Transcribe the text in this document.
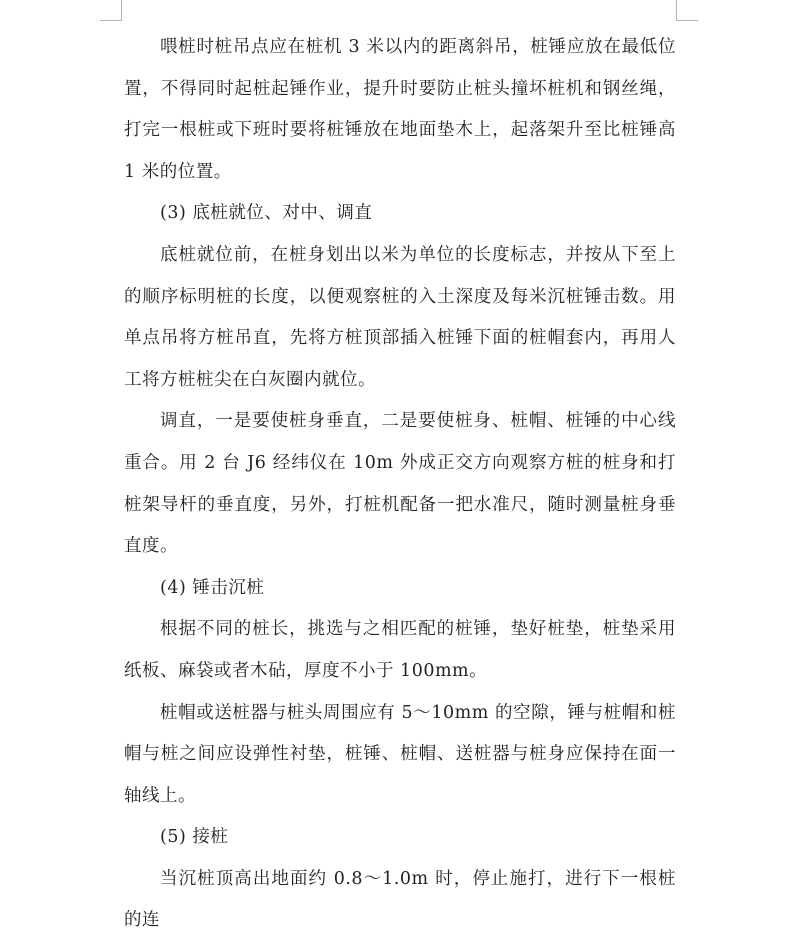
喂桩时桩吊点应在桩机 3 米以内的距离斜吊，桩锤应放在最低位置，不得同时起桩起锤作业，提升时要防止桩头撞坏桩机和钢丝绳，打完一根桩或下班时要将桩锤放在地面垫木上，起落架升至比桩锤高 1 米的位置。

(3) 底桩就位、对中、调直

底桩就位前，在桩身划出以米为单位的长度标志，并按从下至上的顺序标明桩的长度，以便观察桩的入土深度及每米沉桩锤击数。用单点吊将方桩吊直，先将方桩顶部插入桩锤下面的桩帽套内，再用人工将方桩桩尖在白灰圈内就位。

调直，一是要使桩身垂直，二是要使桩身、桩帽、桩锤的中心线重合。用 2 台 J6 经纬仪在 10m 外成正交方向观察方桩的桩身和打桩架导杆的垂直度，另外，打桩机配备一把水准尺，随时测量桩身垂直度。

(4) 锤击沉桩

根据不同的桩长，挑选与之相匹配的桩锤，垫好桩垫，桩垫采用纸板、麻袋或者木砧，厚度不小于 100mm。

桩帽或送桩器与桩头周围应有 5～10mm 的空隙，锤与桩帽和桩帽与桩之间应设弹性衬垫，桩锤、桩帽、送桩器与桩身应保持在面一轴线上。

(5) 接桩

当沉桩顶高出地面约 0.8～1.0m 时，停止施打，进行下一根桩的连
